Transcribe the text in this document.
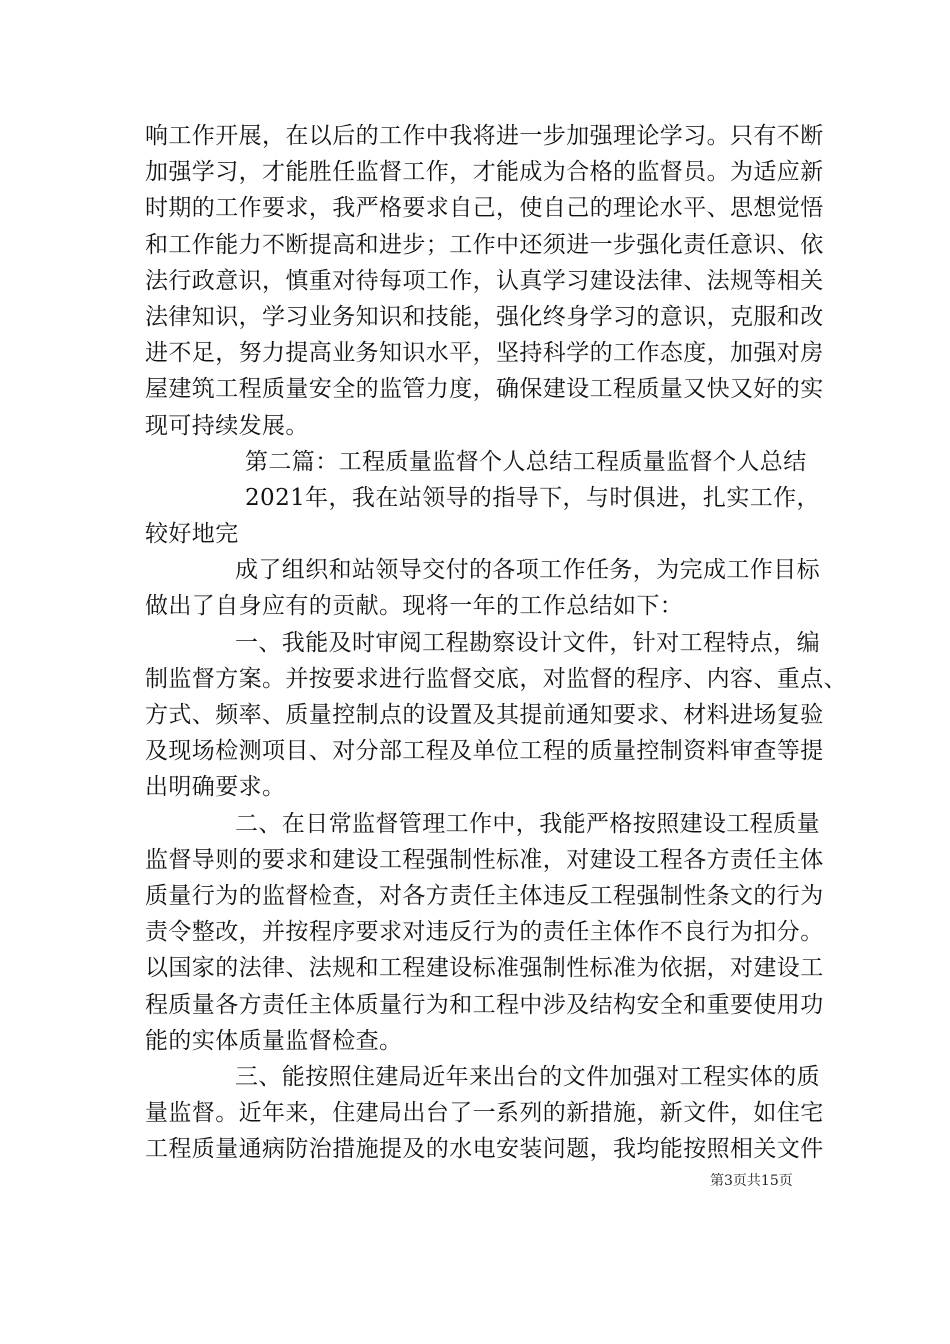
响工作开展，在以后的工作中我将进一步加强理论学习。只有不断
加强学习，才能胜任监督工作，才能成为合格的监督员。为适应新
时期的工作要求，我严格要求自己，使自己的理论水平、思想觉悟
和工作能力不断提高和进步；工作中还须进一步强化责任意识、依
法行政意识，慎重对待每项工作，认真学习建设法律、法规等相关
法律知识，学习业务知识和技能，强化终身学习的意识，克服和改
进不足，努力提高业务知识水平，坚持科学的工作态度，加强对房
屋建筑工程质量安全的监管力度，确保建设工程质量又快又好的实
现可持续发展。
第二篇：工程质量监督个人总结工程质量监督个人总结
2021年，我在站领导的指导下，与时俱进，扎实工作，
较好地完
成了组织和站领导交付的各项工作任务，为完成工作目标
做出了自身应有的贡献。现将一年的工作总结如下：
一、我能及时审阅工程勘察设计文件，针对工程特点，编
制监督方案。并按要求进行监督交底，对监督的程序、内容、重点、
方式、频率、质量控制点的设置及其提前通知要求、材料进场复验
及现场检测项目、对分部工程及单位工程的质量控制资料审查等提
出明确要求。
二、在日常监督管理工作中，我能严格按照建设工程质量
监督导则的要求和建设工程强制性标准，对建设工程各方责任主体
质量行为的监督检查，对各方责任主体违反工程强制性条文的行为
责令整改，并按程序要求对违反行为的责任主体作不良行为扣分。
以国家的法律、法规和工程建设标准强制性标准为依据，对建设工
程质量各方责任主体质量行为和工程中涉及结构安全和重要使用功
能的实体质量监督检查。
三、能按照住建局近年来出台的文件加强对工程实体的质
量监督。近年来，住建局出台了一系列的新措施，新文件，如住宅
工程质量通病防治措施提及的水电安装问题，我均能按照相关文件
第3页共15页
